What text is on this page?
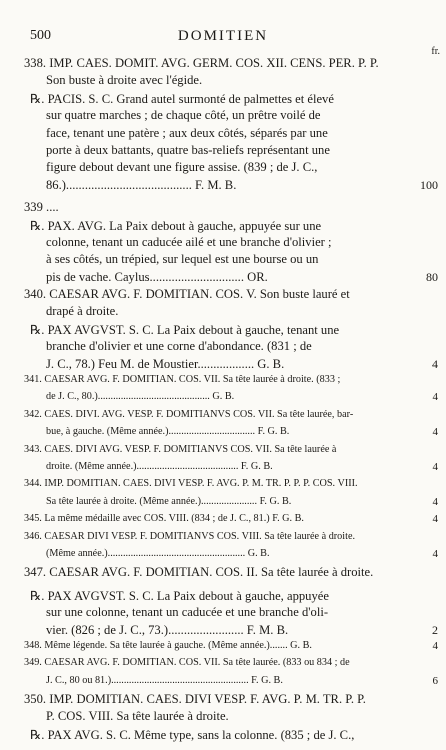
500	DOMITIEN
fr.
338. IMP. CAES. DOMIT. AVG. GERM. COS. XII. CENS. PER. P. P.
Son buste à droite avec l'égide.
℞. PACIS. S. C. Grand autel surmonté de palmettes et élevé
sur quatre marches ; de chaque côté, un prêtre voilé de
face, tenant une patère ; aux deux côtés, séparés par une
porte à deux battants, quatre bas-reliefs représentant une
figure debout devant une figure assise. (839 ; de J. C.,
86.)........................................ F. M. B.	100
339 ....
℞. PAX. AVG. La Paix debout à gauche, appuyée sur une
colonne, tenant un caducée ailé et une branche d'olivier ;
à ses côtés, un trépied, sur lequel est une bourse ou un
pis de vache. Caylus.............................. OR.	80
340. CAESAR AVG. F. DOMITIAN. COS. V. Son buste lauré et
drapé à droite.
℞. PAX AVGVST. S. C. La Paix debout à gauche, tenant une
branche d'olivier et une corne d'abondance. (831 ; de
J. C., 78.) Feu M. de Moustier.................. G. B.	4
341. CAESAR AVG. F. DOMITIAN. COS. VII. Sa tête laurée à droite. (833 ;
de J. C., 80.)............................................ G. B.	4
342. CAES. DIVI. AVG. VESP. F. DOMITIANVS COS. VII. Sa tête laurée, bar-
bue, à gauche. (Même année.).................................. F. G. B.	4
343. CAES. DIVI AVG. VESP. F. DOMITIANVS COS. VII. Sa tête laurée à
droite. (Même année.)........................................ F. G. B.	4
344. IMP. DOMITIAN. CAES. DIVI VESP. F. AVG. P. M. TR. P. P. P. COS. VIII.
Sa tête laurée à droite. (Même année.)...................... F. G. B.	4
345. La même médaille avec COS. VIII. (834 ; de J. C., 81.) F. G. B.	4
346. CAESAR DIVI VESP. F. DOMITIANVS COS. VIII. Sa tête laurée à droite.
(Même année.)...................................................... G. B.	4
347. CAESAR AVG. F. DOMITIAN. COS. II. Sa tête laurée à droite.
℞. PAX AVGVST. S. C. La Paix debout à gauche, appuyée
sur une colonne, tenant un caducée et une branche d'oli-
vier. (826 ; de J. C., 73.)........................ F. M. B.	2
348. Même légende. Sa tête laurée à gauche. (Même année.)....... G. B.	4
349. CAESAR AVG. F. DOMITIAN. COS. VII. Sa tête laurée. (833 ou 834 ; de
J. C., 80 ou 81.)...................................................... F. G. B.	6
350. IMP. DOMITIAN. CAES. DIVI VESP. F. AVG. P. M. TR. P. P.
P. COS. VIII. Sa tête laurée à droite.
℞. PAX AVG. S. C. Même type, sans la colonne. (835 ; de J. C.,
